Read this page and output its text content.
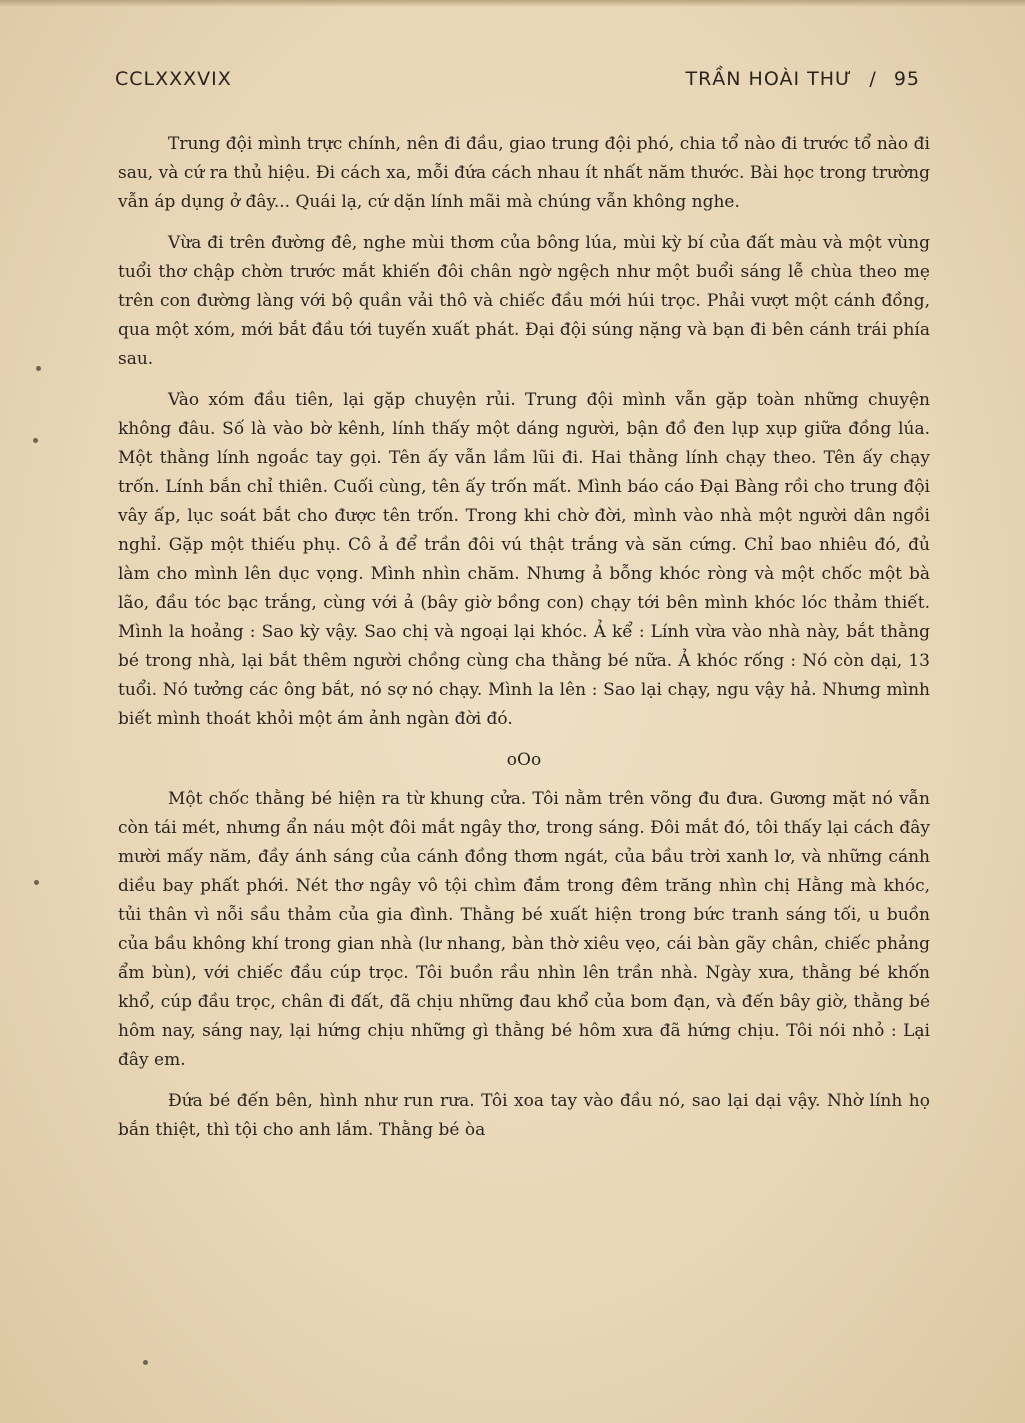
CCLXXXVIX	TRẦN HOÀI THƯ / 95

Trung đội mình trực chính, nên đi đầu, giao trung đội phó, chia tổ nào đi trước tổ nào đi sau, và cứ ra thủ hiệu. Đi cách xa, mỗi đứa cách nhau ít nhất năm thước. Bài học trong trường vẫn áp dụng ở đây... Quái lạ, cứ dặn lính mãi mà chúng vẫn không nghe.

Vừa đi trên đường đê, nghe mùi thơm của bông lúa, mùi kỳ bí của đất màu và một vùng tuổi thơ chập chờn trước mắt khiến đôi chân ngờ ngệch như một buổi sáng lễ chùa theo mẹ trên con đường làng với bộ quần vải thô và chiếc đầu mới húi trọc. Phải vượt một cánh đồng, qua một xóm, mới bắt đầu tới tuyến xuất phát. Đại đội súng nặng và bạn đi bên cánh trái phía sau.

Vào xóm đầu tiên, lại gặp chuyện rủi. Trung đội mình vẫn gặp toàn những chuyện không đâu. Số là vào bờ kênh, lính thấy một dáng người, bận đồ đen lụp xụp giữa đồng lúa. Một thằng lính ngoắc tay gọi. Tên ấy vẫn lầm lũi đi. Hai thằng lính chạy theo. Tên ấy chạy trốn. Lính bắn chỉ thiên. Cuối cùng, tên ấy trốn mất. Mình báo cáo Đại Bàng rồi cho trung đội vây ấp, lục soát bắt cho được tên trốn. Trong khi chờ đời, mình vào nhà một người dân ngồi nghỉ. Gặp một thiếu phụ. Cô ả để trần đôi vú thật trắng và săn cứng. Chỉ bao nhiêu đó, đủ làm cho mình lên dục vọng. Mình nhìn chăm. Nhưng ả bỗng khóc ròng và một chốc một bà lão, đầu tóc bạc trắng, cùng với ả (bây giờ bồng con) chạy tới bên mình khóc lóc thảm thiết. Mình la hoảng : Sao kỳ vậy. Sao chị và ngoại lại khóc. Ả kể : Lính vừa vào nhà này, bắt thằng bé trong nhà, lại bắt thêm người chồng cùng cha thằng bé nữa. Ả khóc rống : Nó còn dại, 13 tuổi. Nó tưởng các ông bắt, nó sợ nó chạy. Mình la lên : Sao lại chạy, ngu vậy hả. Nhưng mình biết mình thoát khỏi một ám ảnh ngàn đời đó.

oOo

Một chốc thằng bé hiện ra từ khung cửa. Tôi nằm trên võng đu đưa. Gương mặt nó vẫn còn tái mét, nhưng ẩn náu một đôi mắt ngây thơ, trong sáng. Đôi mắt đó, tôi thấy lại cách đây mười mấy năm, đầy ánh sáng của cánh đồng thơm ngát, của bầu trời xanh lơ, và những cánh diều bay phất phới. Nét thơ ngây vô tội chìm đắm trong đêm trăng nhìn chị Hằng mà khóc, tủi thân vì nỗi sầu thảm của gia đình. Thằng bé xuất hiện trong bức tranh sáng tối, u buồn của bầu không khí trong gian nhà (lư nhang, bàn thờ xiêu vẹo, cái bàn gãy chân, chiếc phảng ẩm bùn), với chiếc đầu cúp trọc. Tôi buồn rầu nhìn lên trần nhà. Ngày xưa, thằng bé khốn khổ, cúp đầu trọc, chân đi đất, đã chịu những đau khổ của bom đạn, và đến bây giờ, thằng bé hôm nay, sáng nay, lại hứng chịu những gì thằng bé hôm xưa đã hứng chịu. Tôi nói nhỏ : Lại đây em.

Đứa bé đến bên, hình như run rưa. Tôi xoa tay vào đầu nó, sao lại dại vậy. Nhờ lính họ bắn thiệt, thì tội cho anh lắm. Thằng bé òa
